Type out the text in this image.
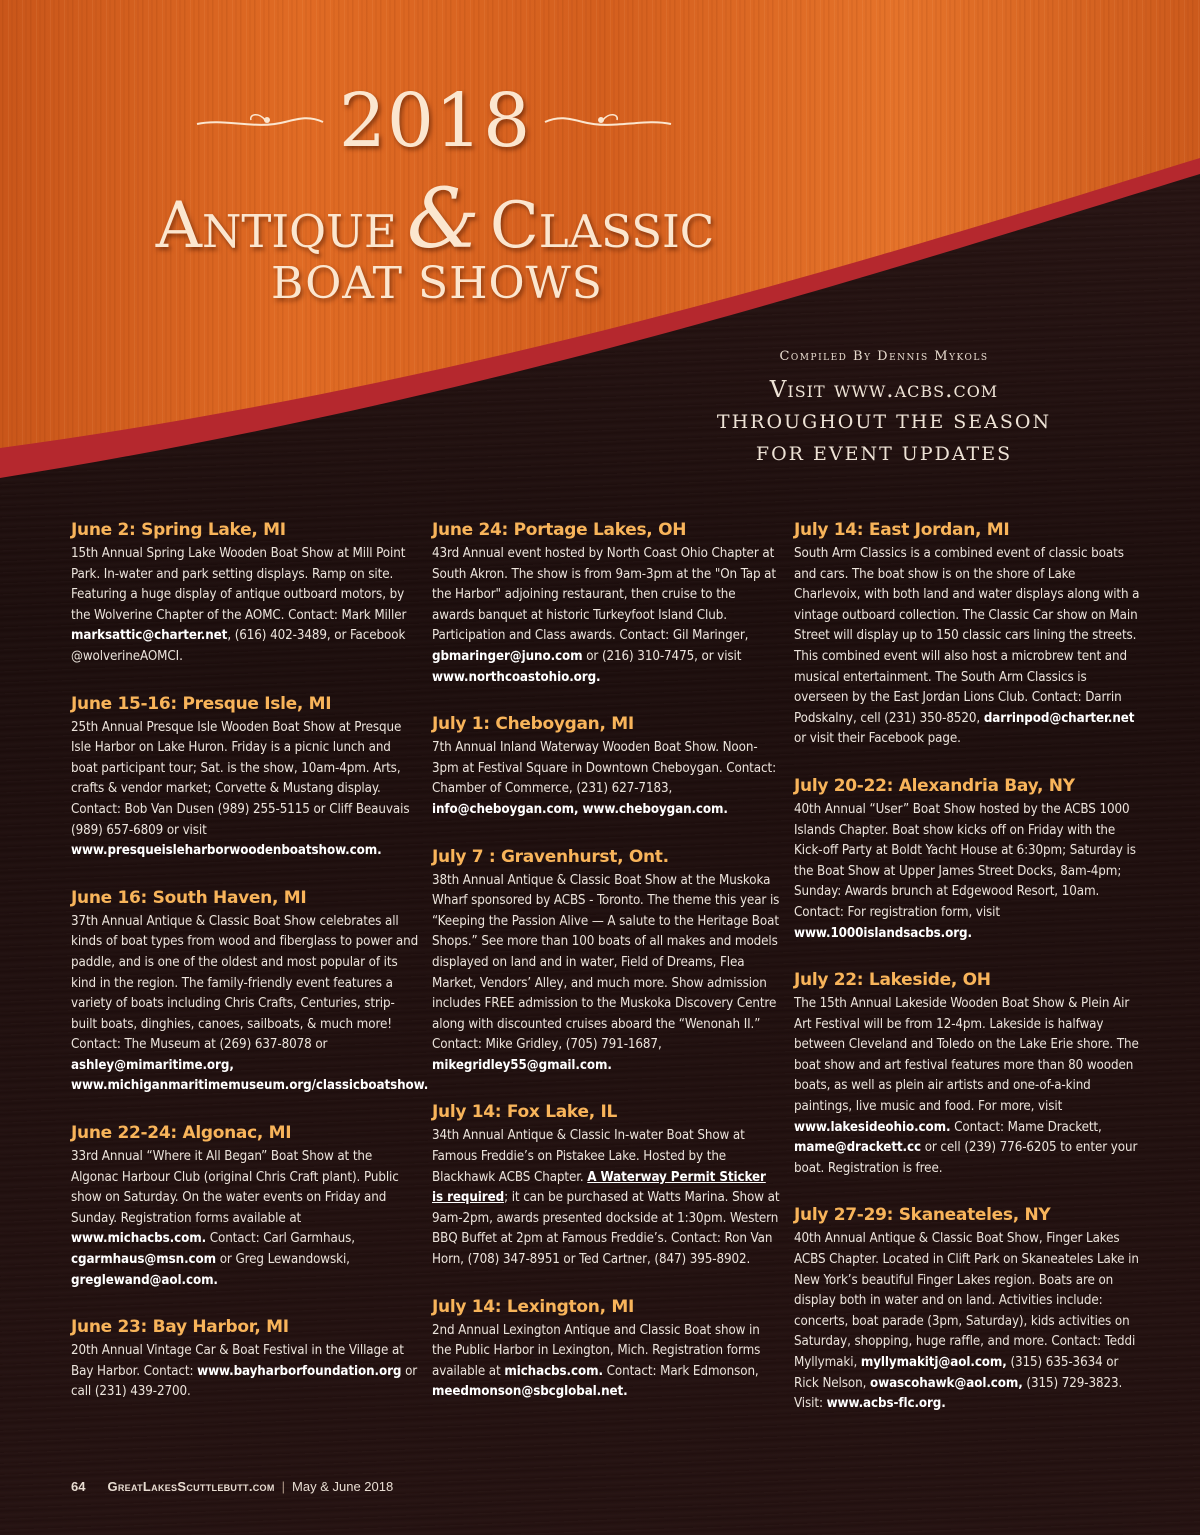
2018
Antique & Classic
BOAT SHOWS
Compiled By Dennis Mykols
Visit www.acbs.com
THROUGHOUT THE SEASON
FOR EVENT UPDATES
June 2: Spring Lake, MI

15th Annual Spring Lake Wooden Boat Show at Mill Point Park. In-water and park setting displays. Ramp on site. Featuring a huge display of antique outboard motors, by the Wolverine Chapter of the AOMC. Contact: Mark Miller marksattic@charter.net, (616) 402-3489, or Facebook @wolverineAOMCI.

June 15-16: Presque Isle, MI

25th Annual Presque Isle Wooden Boat Show at Presque Isle Harbor on Lake Huron. Friday is a picnic lunch and boat participant tour; Sat. is the show, 10am-4pm. Arts, crafts & vendor market; Corvette & Mustang display. Contact: Bob Van Dusen (989) 255-5115 or Cliff Beauvais (989) 657-6809 or visit www.presqueisleharborwoodenboatshow.com.

June 16: South Haven, MI

37th Annual Antique & Classic Boat Show celebrates all kinds of boat types from wood and fiberglass to power and paddle, and is one of the oldest and most popular of its kind in the region. The family-friendly event features a variety of boats including Chris Crafts, Centuries, strip-built boats, dinghies, canoes, sailboats, & much more! Contact: The Museum at (269) 637-8078 or ashley@mimaritime.org, www.michiganmaritimemuseum.org/classicboatshow.

June 22-24: Algonac, MI

33rd Annual “Where it All Began” Boat Show at the Algonac Harbour Club (original Chris Craft plant). Public show on Saturday. On the water events on Friday and Sunday. Registration forms available at www.michacbs.com. Contact: Carl Garmhaus, cgarmhaus@msn.com or Greg Lewandowski, greglewand@aol.com.

June 23: Bay Harbor, MI

20th Annual Vintage Car & Boat Festival in the Village at Bay Harbor. Contact: www.bayharborfoundation.org or call (231) 439-2700.

June 24: Portage Lakes, OH

43rd Annual event hosted by North Coast Ohio Chapter at South Akron. The show is from 9am-3pm at the "On Tap at the Harbor" adjoining restaurant, then cruise to the awards banquet at historic Turkeyfoot Island Club. Participation and Class awards. Contact: Gil Maringer, gbmaringer@juno.com or (216) 310-7475, or visit www.northcoastohio.org.

July 1: Cheboygan, MI

7th Annual Inland Waterway Wooden Boat Show. Noon-3pm at Festival Square in Downtown Cheboygan. Contact: Chamber of Commerce, (231) 627-7183, info@cheboygan.com, www.cheboygan.com.

July 7 : Gravenhurst, Ont.

38th Annual Antique & Classic Boat Show at the Muskoka Wharf sponsored by ACBS - Toronto. The theme this year is “Keeping the Passion Alive — A salute to the Heritage Boat Shops.” See more than 100 boats of all makes and models displayed on land and in water, Field of Dreams, Flea Market, Vendors’ Alley, and much more. Show admission includes FREE admission to the Muskoka Discovery Centre along with discounted cruises aboard the “Wenonah II.” Contact: Mike Gridley, (705) 791-1687, mikegridley55@gmail.com.

July 14: Fox Lake, IL

34th Annual Antique & Classic In-water Boat Show at Famous Freddie’s on Pistakee Lake. Hosted by the Blackhawk ACBS Chapter. A Waterway Permit Sticker is required; it can be purchased at Watts Marina. Show at 9am-2pm, awards presented dockside at 1:30pm. Western BBQ Buffet at 2pm at Famous Freddie’s. Contact: Ron Van Horn, (708) 347-8951 or Ted Cartner, (847) 395-8902.

July 14: Lexington, MI

2nd Annual Lexington Antique and Classic Boat show in the Public Harbor in Lexington, Mich. Registration forms available at michacbs.com. Contact: Mark Edmonson, meedmonson@sbcglobal.net.

July 14: East Jordan, MI

South Arm Classics is a combined event of classic boats and cars. The boat show is on the shore of Lake Charlevoix, with both land and water displays along with a vintage outboard collection. The Classic Car show on Main Street will display up to 150 classic cars lining the streets. This combined event will also host a microbrew tent and musical entertainment. The South Arm Classics is overseen by the East Jordan Lions Club. Contact: Darrin Podskalny, cell (231) 350-8520, darrinpod@charter.net or visit their Facebook page.

July 20-22: Alexandria Bay, NY

40th Annual “User” Boat Show hosted by the ACBS 1000 Islands Chapter. Boat show kicks off on Friday with the Kick-off Party at Boldt Yacht House at 6:30pm; Saturday is the Boat Show at Upper James Street Docks, 8am-4pm; Sunday: Awards brunch at Edgewood Resort, 10am. Contact: For registration form, visit www.1000islandsacbs.org.

July 22: Lakeside, OH

The 15th Annual Lakeside Wooden Boat Show & Plein Air Art Festival will be from 12-4pm. Lakeside is halfway between Cleveland and Toledo on the Lake Erie shore. The boat show and art festival features more than 80 wooden boats, as well as plein air artists and one-of-a-kind paintings, live music and food. For more, visit www.lakesideohio.com. Contact: Mame Drackett, mame@drackett.cc or cell (239) 776-6205 to enter your boat. Registration is free.

July 27-29: Skaneateles, NY

40th Annual Antique & Classic Boat Show, Finger Lakes ACBS Chapter. Located in Clift Park on Skaneateles Lake in New York’s beautiful Finger Lakes region. Boats are on display both in water and on land. Activities include: concerts, boat parade (3pm, Saturday), kids activities on Saturday, shopping, huge raffle, and more. Contact: Teddi Myllymaki, myllymakitj@aol.com, (315) 635-3634 or Rick Nelson, owascohawk@aol.com, (315) 729-3823. Visit: www.acbs-flc.org.

64 GreatLakesScuttlebutt.com | May & June 2018
